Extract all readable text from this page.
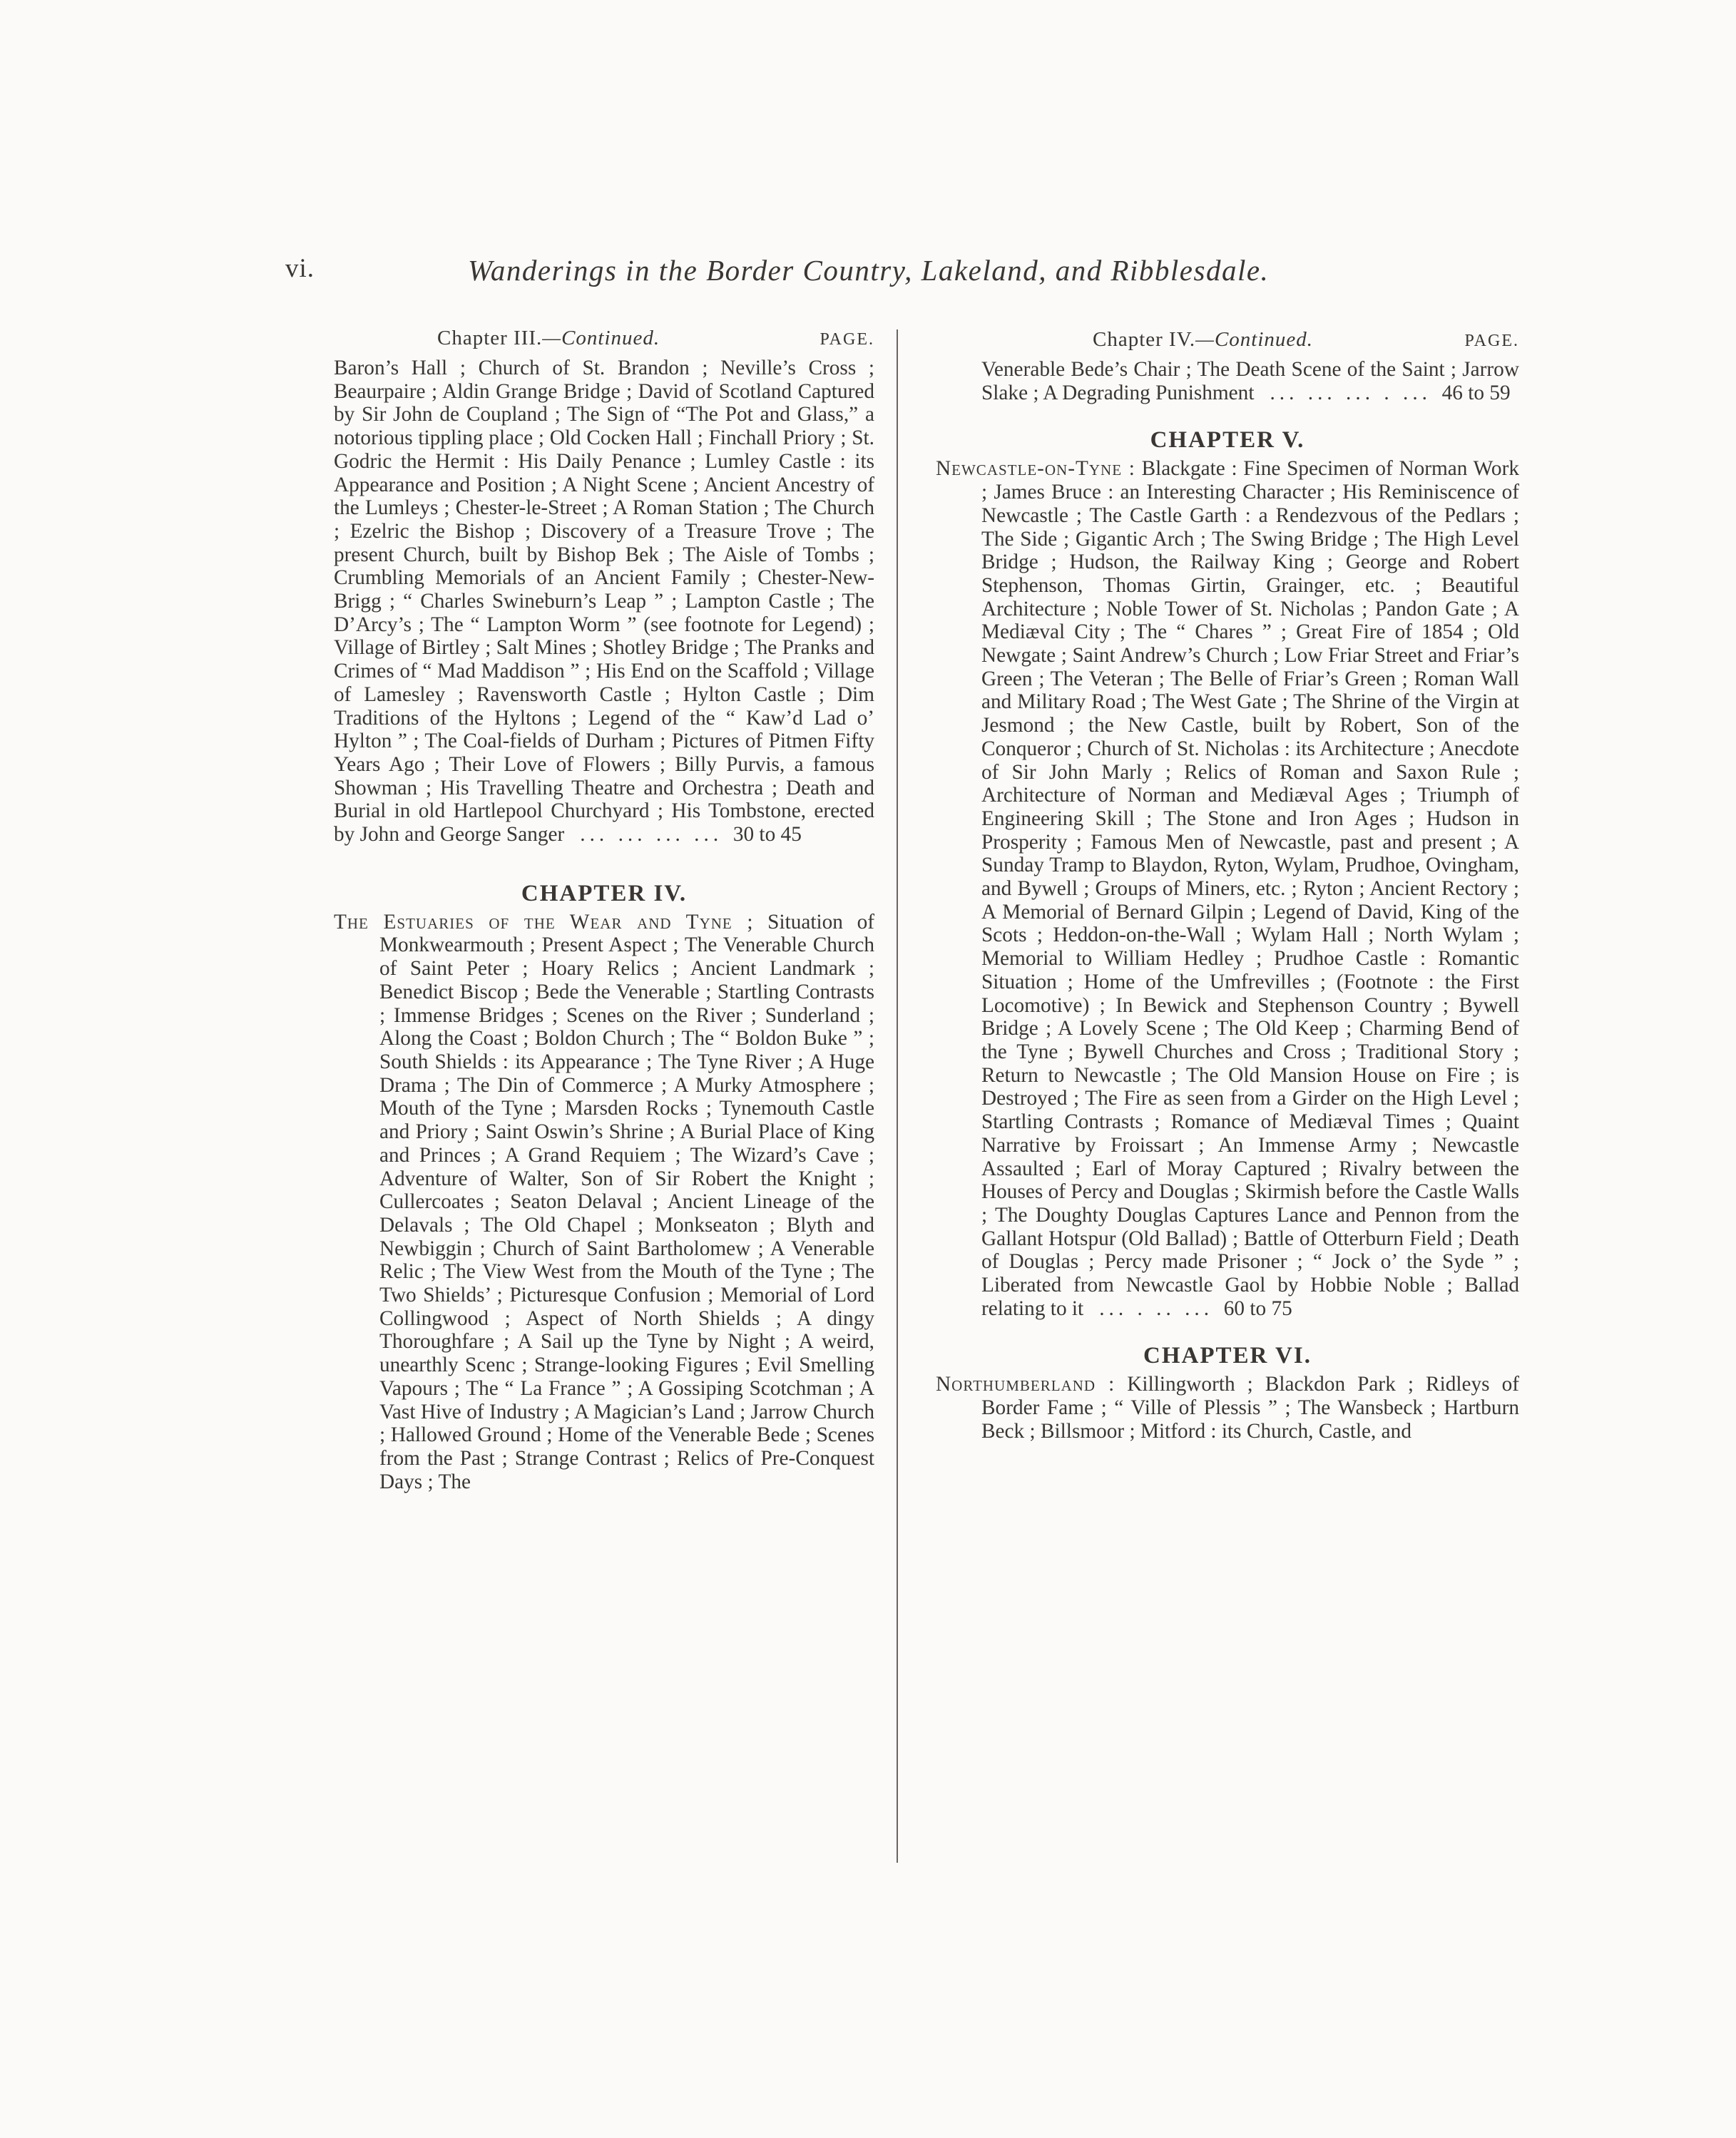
vi.	Wanderings in the Border Country, Lakeland, and Ribblesdale.
Chapter III.—Continued.	PAGE.

Baron’s Hall ; Church of St. Brandon ; Neville’s Cross ; Beaurpaire ; Aldin Grange Bridge ; David of Scotland Captured by Sir John de Coupland ; The Sign of “The Pot and Glass,” a notorious tippling place ; Old Cocken Hall ; Finchall Priory ; St. Godric the Hermit : His Daily Penance ; Lumley Castle : its Appearance and Position ; A Night Scene ; Ancient Ancestry of the Lumleys ; Chester-le-Street ; A Roman Station ; The Church ; Ezelric the Bishop ; Discovery of a Treasure Trove ; The present Church, built by Bishop Bek ; The Aisle of Tombs ; Crumbling Memorials of an Ancient Family ; Chester-New-Brigg ; “ Charles Swineburn’s Leap ” ; Lampton Castle ; The D’Arcy’s ; The “ Lampton Worm ” (see footnote for Legend) ; Village of Birtley ; Salt Mines ; Shotley Bridge ; The Pranks and Crimes of “ Mad Maddison ” ; His End on the Scaffold ; Village of Lamesley ; Ravensworth Castle ; Hylton Castle ; Dim Traditions of the Hyltons ; Legend of the “ Kaw’d Lad o’ Hylton ” ; The Coal-fields of Durham ; Pictures of Pitmen Fifty Years Ago ; Their Love of Flowers ; Billy Purvis, a famous Showman ; His Travelling Theatre and Orchestra ; Death and Burial in old Hartlepool Churchyard ; His Tombstone, erected by John and George Sanger ... ... ... ... 30 to 45

CHAPTER IV.

The Estuaries of the Wear and Tyne ; Situation of Monkwearmouth ; Present Aspect ; The Venerable Church of Saint Peter ; Hoary Relics ; Ancient Landmark ; Benedict Biscop ; Bede the Venerable ; Startling Contrasts ; Immense Bridges ; Scenes on the River ; Sunderland ; Along the Coast ; Boldon Church ; The “ Boldon Buke ” ; South Shields : its Appearance ; The Tyne River ; A Huge Drama ; The Din of Commerce ; A Murky Atmosphere ; Mouth of the Tyne ; Marsden Rocks ; Tynemouth Castle and Priory ; Saint Oswin’s Shrine ; A Burial Place of King and Princes ; A Grand Requiem ; The Wizard’s Cave ; Adventure of Walter, Son of Sir Robert the Knight ; Cullercoates ; Seaton Delaval ; Ancient Lineage of the Delavals ; The Old Chapel ; Monkseaton ; Blyth and Newbiggin ; Church of Saint Bartholomew ; A Venerable Relic ; The View West from the Mouth of the Tyne ; The Two Shields’ ; Picturesque Confusion ; Memorial of Lord Collingwood ; Aspect of North Shields ; A dingy Thoroughfare ; A Sail up the Tyne by Night ; A weird, unearthly Scenc ; Strange-looking Figures ; Evil Smelling Vapours ; The “ La France ” ; A Gossiping Scotchman ; A Vast Hive of Industry ; A Magician’s Land ; Jarrow Church ; Hallowed Ground ; Home of the Venerable Bede ; Scenes from the Past ; Strange Contrast ; Relics of Pre-Conquest Days ; The

Chapter IV.—Continued.	PAGE.

Venerable Bede’s Chair ; The Death Scene of the Saint ; Jarrow Slake ; A Degrading Punishment ... ... ... . ... 46 to 59

CHAPTER V.

Newcastle-on-Tyne : Blackgate : Fine Specimen of Norman Work ; James Bruce : an Interesting Character ; His Reminiscence of Newcastle ; The Castle Garth : a Rendezvous of the Pedlars ; The Side ; Gigantic Arch ; The Swing Bridge ; The High Level Bridge ; Hudson, the Railway King ; George and Robert Stephenson, Thomas Girtin, Grainger, etc. ; Beautiful Architecture ; Noble Tower of St. Nicholas ; Pandon Gate ; A Mediæval City ; The “ Chares ” ; Great Fire of 1854 ; Old Newgate ; Saint Andrew’s Church ; Low Friar Street and Friar’s Green ; The Veteran ; The Belle of Friar’s Green ; Roman Wall and Military Road ; The West Gate ; The Shrine of the Virgin at Jesmond ; the New Castle, built by Robert, Son of the Conqueror ; Church of St. Nicholas : its Architecture ; Anecdote of Sir John Marly ; Relics of Roman and Saxon Rule ; Architecture of Norman and Mediæval Ages ; Triumph of Engineering Skill ; The Stone and Iron Ages ; Hudson in Prosperity ; Famous Men of Newcastle, past and present ; A Sunday Tramp to Blaydon, Ryton, Wylam, Prudhoe, Ovingham, and Bywell ; Groups of Miners, etc. ; Ryton ; Ancient Rectory ; A Memorial of Bernard Gilpin ; Legend of David, King of the Scots ; Heddon-on-the-Wall ; Wylam Hall ; North Wylam ; Memorial to William Hedley ; Prudhoe Castle : Romantic Situation ; Home of the Umfrevilles ; (Footnote : the First Locomotive) ; In Bewick and Stephenson Country ; Bywell Bridge ; A Lovely Scene ; The Old Keep ; Charming Bend of the Tyne ; Bywell Churches and Cross ; Traditional Story ; Return to Newcastle ; The Old Mansion House on Fire ; is Destroyed ; The Fire as seen from a Girder on the High Level ; Startling Contrasts ; Romance of Mediæval Times ; Quaint Narrative by Froissart ; An Immense Army ; Newcastle Assaulted ; Earl of Moray Captured ; Rivalry between the Houses of Percy and Douglas ; Skirmish before the Castle Walls ; The Doughty Douglas Captures Lance and Pennon from the Gallant Hotspur (Old Ballad) ; Battle of Otterburn Field ; Death of Douglas ; Percy made Prisoner ; “ Jock o’ the Syde ” ; Liberated from Newcastle Gaol by Hobbie Noble ; Ballad relating to it ... . .. ... 60 to 75

CHAPTER VI.

Northumberland : Killingworth ; Blackdon Park ; Ridleys of Border Fame ; “ Ville of Plessis ” ; The Wansbeck ; Hartburn Beck ; Billsmoor ; Mitford : its Church, Castle, and
